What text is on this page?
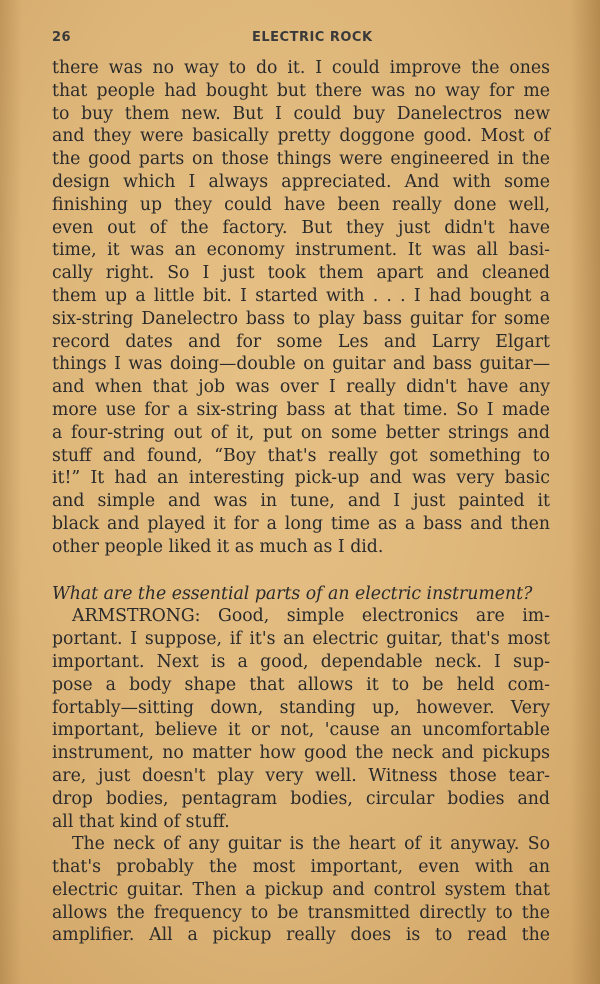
26	ELECTRIC ROCK
there was no way to do it. I could improve the ones
that people had bought but there was no way for me
to buy them new. But I could buy Danelectros new
and they were basically pretty doggone good. Most of
the good parts on those things were engineered in the
design which I always appreciated. And with some
finishing up they could have been really done well,
even out of the factory. But they just didn't have
time, it was an economy instrument. It was all basi-
cally right. So I just took them apart and cleaned
them up a little bit. I started with . . . I had bought a
six-string Danelectro bass to play bass guitar for some
record dates and for some Les and Larry Elgart
things I was doing—double on guitar and bass guitar—
and when that job was over I really didn't have any
more use for a six-string bass at that time. So I made
a four-string out of it, put on some better strings and
stuff and found, “Boy that's really got something to
it!” It had an interesting pick-up and was very basic
and simple and was in tune, and I just painted it
black and played it for a long time as a bass and then
other people liked it as much as I did.
What are the essential parts of an electric instrument?
ARMSTRONG: Good, simple electronics are im-
portant. I suppose, if it's an electric guitar, that's most
important. Next is a good, dependable neck. I sup-
pose a body shape that allows it to be held com-
fortably—sitting down, standing up, however. Very
important, believe it or not, 'cause an uncomfortable
instrument, no matter how good the neck and pickups
are, just doesn't play very well. Witness those tear-
drop bodies, pentagram bodies, circular bodies and
all that kind of stuff.
The neck of any guitar is the heart of it anyway. So
that's probably the most important, even with an
electric guitar. Then a pickup and control system that
allows the frequency to be transmitted directly to the
amplifier. All a pickup really does is to read the
